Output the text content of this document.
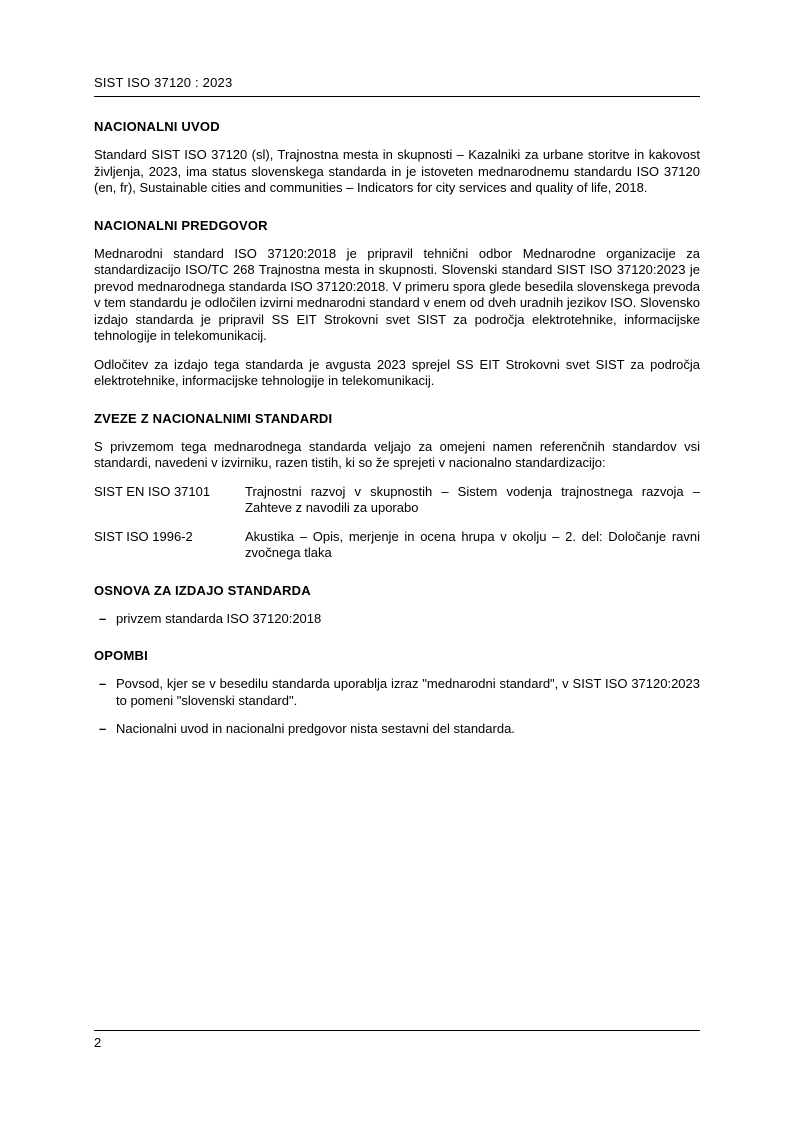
SIST ISO 37120 : 2023
NACIONALNI UVOD

Standard SIST ISO 37120 (sl), Trajnostna mesta in skupnosti – Kazalniki za urbane storitve in kakovost življenja, 2023, ima status slovenskega standarda in je istoveten mednarodnemu standardu ISO 37120 (en, fr), Sustainable cities and communities – Indicators for city services and quality of life, 2018.

NACIONALNI PREDGOVOR

Mednarodni standard ISO 37120:2018 je pripravil tehnični odbor Mednarodne organizacije za standardizacijo ISO/TC 268 Trajnostna mesta in skupnosti. Slovenski standard SIST ISO 37120:2023 je prevod mednarodnega standarda ISO 37120:2018. V primeru spora glede besedila slovenskega prevoda v tem standardu je odločilen izvirni mednarodni standard v enem od dveh uradnih jezikov ISO. Slovensko izdajo standarda je pripravil SS EIT Strokovni svet SIST za področja elektrotehnike, informacijske tehnologije in telekomunikacij.

Odločitev za izdajo tega standarda je avgusta 2023 sprejel SS EIT Strokovni svet SIST za področja elektrotehnike, informacijske tehnologije in telekomunikacij.

ZVEZE Z NACIONALNIMI STANDARDI

S privzemom tega mednarodnega standarda veljajo za omejeni namen referenčnih standardov vsi standardi, navedeni v izvirniku, razen tistih, ki so že sprejeti v nacionalno standardizacijo:

SIST EN ISO 37101	Trajnostni razvoj v skupnostih – Sistem vodenja trajnostnega razvoja – Zahteve z navodili za uporabo
SIST ISO 1996-2	Akustika – Opis, merjenje in ocena hrupa v okolju – 2. del: Določanje ravni zvočnega tlaka
OSNOVA ZA IZDAJO STANDARDA
– privzem standarda ISO 37120:2018
OPOMBI
– Povsod, kjer se v besedilu standarda uporablja izraz "mednarodni standard", v SIST ISO 37120:2023 to pomeni "slovenski standard".
– Nacionalni uvod in nacionalni predgovor nista sestavni del standarda.
2
